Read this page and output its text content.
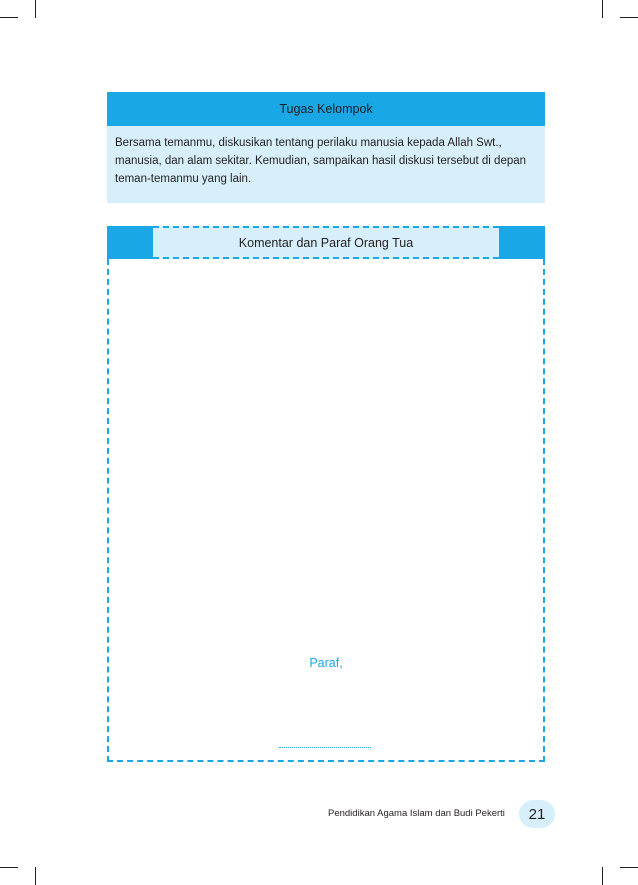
Tugas Kelompok
Bersama temanmu, diskusikan tentang perilaku manusia kepada Allah Swt., manusia, dan alam sekitar. Kemudian, sampaikan hasil diskusi tersebut di depan teman-temanmu yang lain.
Komentar dan Paraf Orang Tua
Paraf,
Pendidikan Agama Islam dan Budi Pekerti	21
